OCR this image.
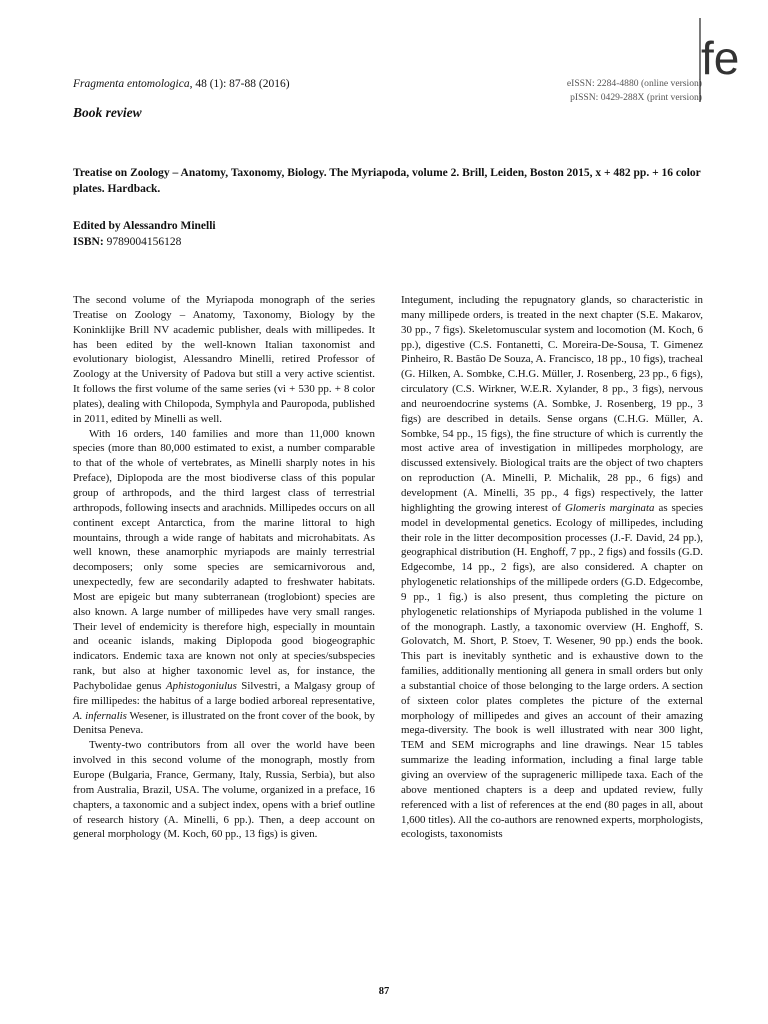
fe
Fragmenta entomologica, 48 (1): 87-88 (2016)	eISSN: 2284-4880 (online version)
pISSN: 0429-288X (print version)
Book review
Treatise on Zoology – Anatomy, Taxonomy, Biology. The Myriapoda, volume 2. Brill, Leiden, Boston 2015, x + 482 pp. + 16 color plates. Hardback.
Edited by Alessandro Minelli
ISBN: 9789004156128

The second volume of the Myriapoda monograph of the series Treatise on Zoology – Anatomy, Taxonomy, Biology by the Koninklijke Brill NV academic publisher, deals with millipedes. It has been edited by the well-known Italian taxonomist and evolutionary biologist, Alessandro Minelli, retired Professor of Zoology at the University of Padova but still a very active scientist. It follows the first volume of the same series (vi + 530 pp. + 8 color plates), dealing with Chilopoda, Symphyla and Pauropoda, published in 2011, edited by Minelli as well.

With 16 orders, 140 families and more than 11,000 known species (more than 80,000 estimated to exist, a number comparable to that of the whole of vertebrates, as Minelli sharply notes in his Preface), Diplopoda are the most biodiverse class of this popular group of arthropods, and the third largest class of terrestrial arthropods, following insects and arachnids. Millipedes occurs on all continent except Antarctica, from the marine littoral to high mountains, through a wide range of habitats and microhabitats. As well known, these anamorphic myriapods are mainly terrestrial decomposers; only some species are semicarnivorous and, unexpectedly, few are secondarily adapted to freshwater habitats. Most are epigeic but many subterranean (troglobiont) species are also known. A large number of millipedes have very small ranges. Their level of endemicity is therefore high, especially in mountain and oceanic islands, making Diplopoda good biogeographic indicators. Endemic taxa are known not only at species/subspecies rank, but also at higher taxonomic level as, for instance, the Pachybolidae genus Aphistogoniulus Silvestri, a Malgasy group of fire millipedes: the habitus of a large bodied arboreal representative, A. infernalis Wesener, is illustrated on the front cover of the book, by Denitsa Peneva.

Twenty-two contributors from all over the world have been involved in this second volume of the monograph, mostly from Europe (Bulgaria, France, Germany, Italy, Russia, Serbia), but also from Australia, Brazil, USA. The volume, organized in a preface, 16 chapters, a taxonomic and a subject index, opens with a brief outline of research history (A. Minelli, 6 pp.). Then, a deep account on general morphology (M. Koch, 60 pp., 13 figs) is given.

Integument, including the repugnatory glands, so characteristic in many millipede orders, is treated in the next chapter (S.E. Makarov, 30 pp., 7 figs). Skeletomuscular system and locomotion (M. Koch, 6 pp.), digestive (C.S. Fontanetti, C. Moreira-De-Sousa, T. Gimenez Pinheiro, R. Bastão De Souza, A. Francisco, 18 pp., 10 figs), tracheal (G. Hilken, A. Sombke, C.H.G. Müller, J. Rosenberg, 23 pp., 6 figs), circulatory (C.S. Wirkner, W.E.R. Xylander, 8 pp., 3 figs), nervous and neuroendocrine systems (A. Sombke, J. Rosenberg, 19 pp., 3 figs) are described in details. Sense organs (C.H.G. Müller, A. Sombke, 54 pp., 15 figs), the fine structure of which is currently the most active area of investigation in millipedes morphology, are discussed extensively. Biological traits are the object of two chapters on reproduction (A. Minelli, P. Michalik, 28 pp., 6 figs) and development (A. Minelli, 35 pp., 4 figs) respectively, the latter highlighting the growing interest of Glomeris marginata as species model in developmental genetics. Ecology of millipedes, including their role in the litter decomposition processes (J.-F. David, 24 pp.), geographical distribution (H. Enghoff, 7 pp., 2 figs) and fossils (G.D. Edgecombe, 14 pp., 2 figs), are also considered. A chapter on phylogenetic relationships of the millipede orders (G.D. Edgecombe, 9 pp., 1 fig.) is also present, thus completing the picture on phylogenetic relationships of Myriapoda published in the volume 1 of the monograph. Lastly, a taxonomic overview (H. Enghoff, S. Golovatch, M. Short, P. Stoev, T. Wesener, 90 pp.) ends the book. This part is inevitably synthetic and is exhaustive down to the families, additionally mentioning all genera in small orders but only a substantial choice of those belonging to the large orders. A section of sixteen color plates completes the picture of the external morphology of millipedes and gives an account of their amazing mega-diversity. The book is well illustrated with near 300 light, TEM and SEM micrographs and line drawings. Near 15 tables summarize the leading information, including a final large table giving an overview of the suprageneric millipede taxa. Each of the above mentioned chapters is a deep and updated review, fully referenced with a list of references at the end (80 pages in all, about 1,600 titles). All the co-authors are renowned experts, morphologists, ecologists, taxonomists

87
